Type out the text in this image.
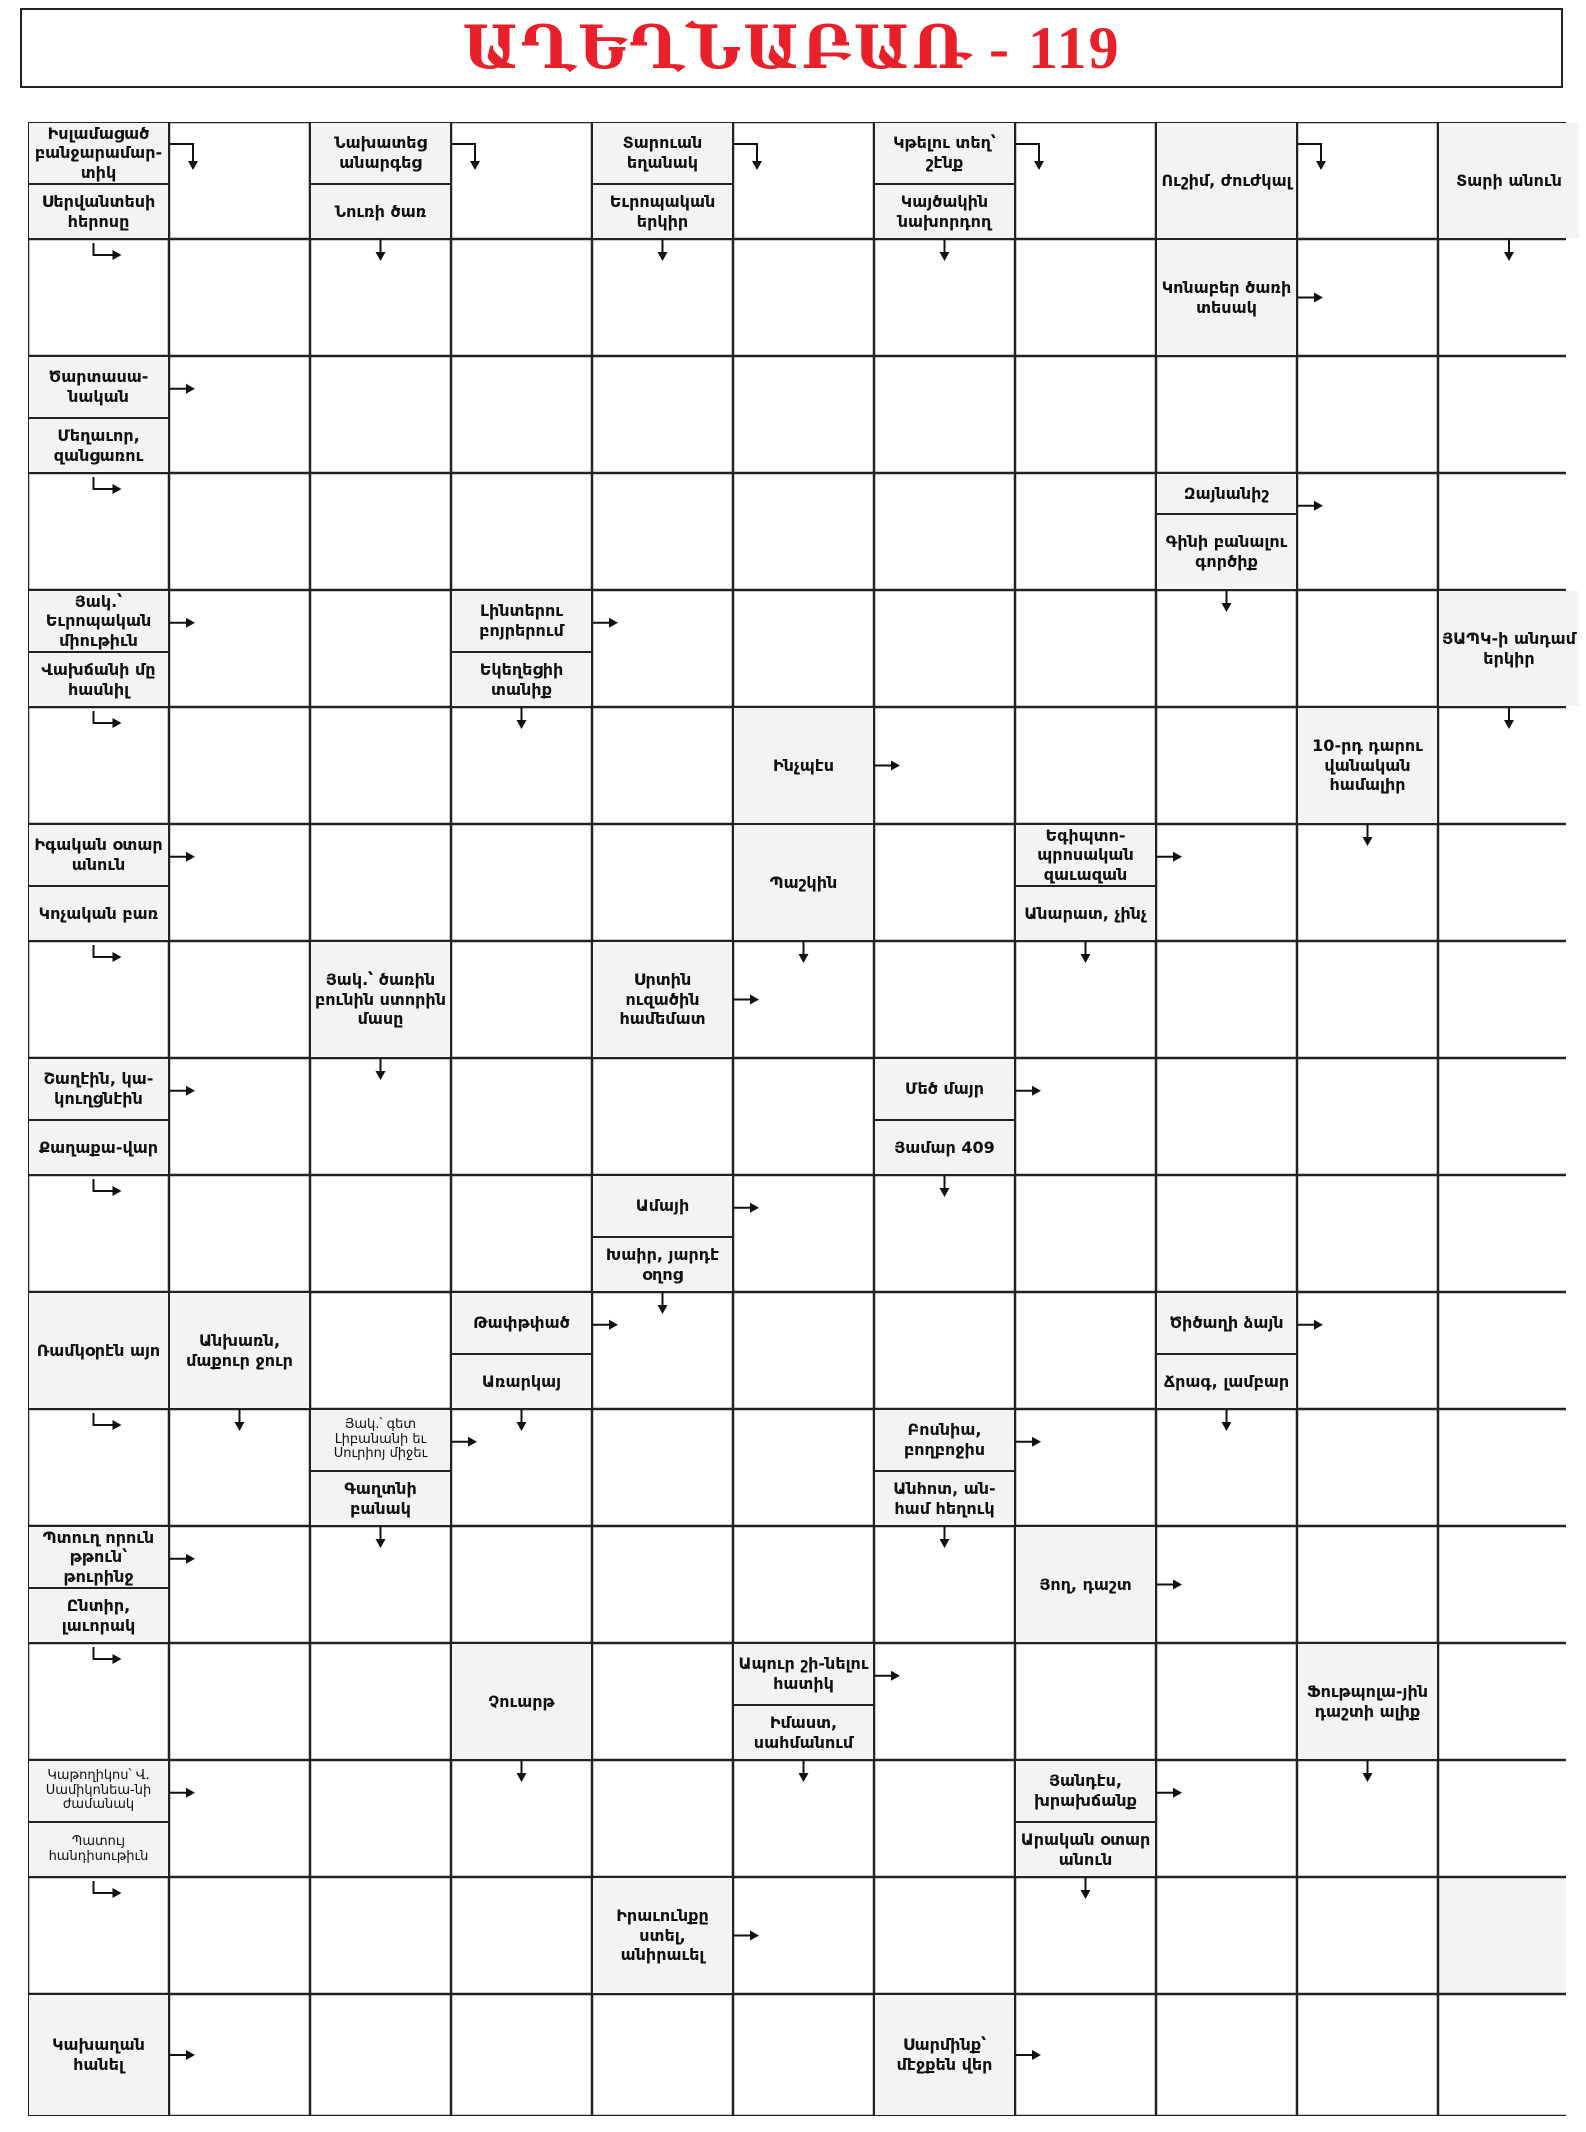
ԱՂԵՂՆԱԲԱՌ - 119
Իսլամացած բանջարամար-տիկ
Սերվանտեսի հերոսը
Նախատեց անարգեց
Նուռի ծառ
Տարուան եղանակ
Եւրոպական երկիր
Կթելու տեղ՝ շէնք
Կայծակին նախորդող
Ուշիմ, ժուժկալ	Տարի անուն
Կոնաբեր ծառի տեսակ
Ծարտասա-նական
Մեղաւոր, զանցառու
Զայնանիշ
Գինի բանալու գործիք
Յակ.՝ Եւրոպական միութիւն
Վախճանի մը հասնիլ
Լինտերու բոյրերում
Եկեղեցիի տանիք
ՅԱՊԿ-ի անդամ երկիր
Ինչպէս
10-րդ դարու վանական համալիր
Իգական օտար անուն
Կոչական բառ
Պաշկին
Եգիպտո-պրոսական զաւազան
Անարատ, չինչ
Յակ.՝ ծառին բունին ստորին մասը
Սրտին ուզածին համեմատ
Շաղէին, կա-կուղցնէին
Քաղաքա-վար
Մեծ մայր
Յամար 409
Ամայի
Խաիր, յարդէ օղոց
Ռամկօրէն այո
Անխառն, մաքուր ջուր
Թափթփած
Առարկայ
Ծիծաղի ձայն
Ճրագ, լամբար
Յակ.՝ գետ Լիբանանի եւ Սուրիոյ միջեւ
Գաղտնի բանակ
Բոսնիա, բողբոջիս
Անհոտ, ան-համ հեղուկ
Պտուղ որուն թթուն՝ թուրինջ
Ընտիր, լաւորակ
Յող, դաշտ
Չուարթ
Ապուր շի-նելու հատիկ
Իմաստ, սահմանում
Ֆութպոլա-յին դաշտի ալիք
Կաթողիկոս՝ Վ. Սամիկոնեա-նի ժամանակ
Պատույ հանդիսութիւն
Յանդէս, խրախճանք
Արական օտար անուն
Իրաւունքը ստել, անիրաւել
Կախաղան հանել
Սարմինք՝ մէջքեն վեր
